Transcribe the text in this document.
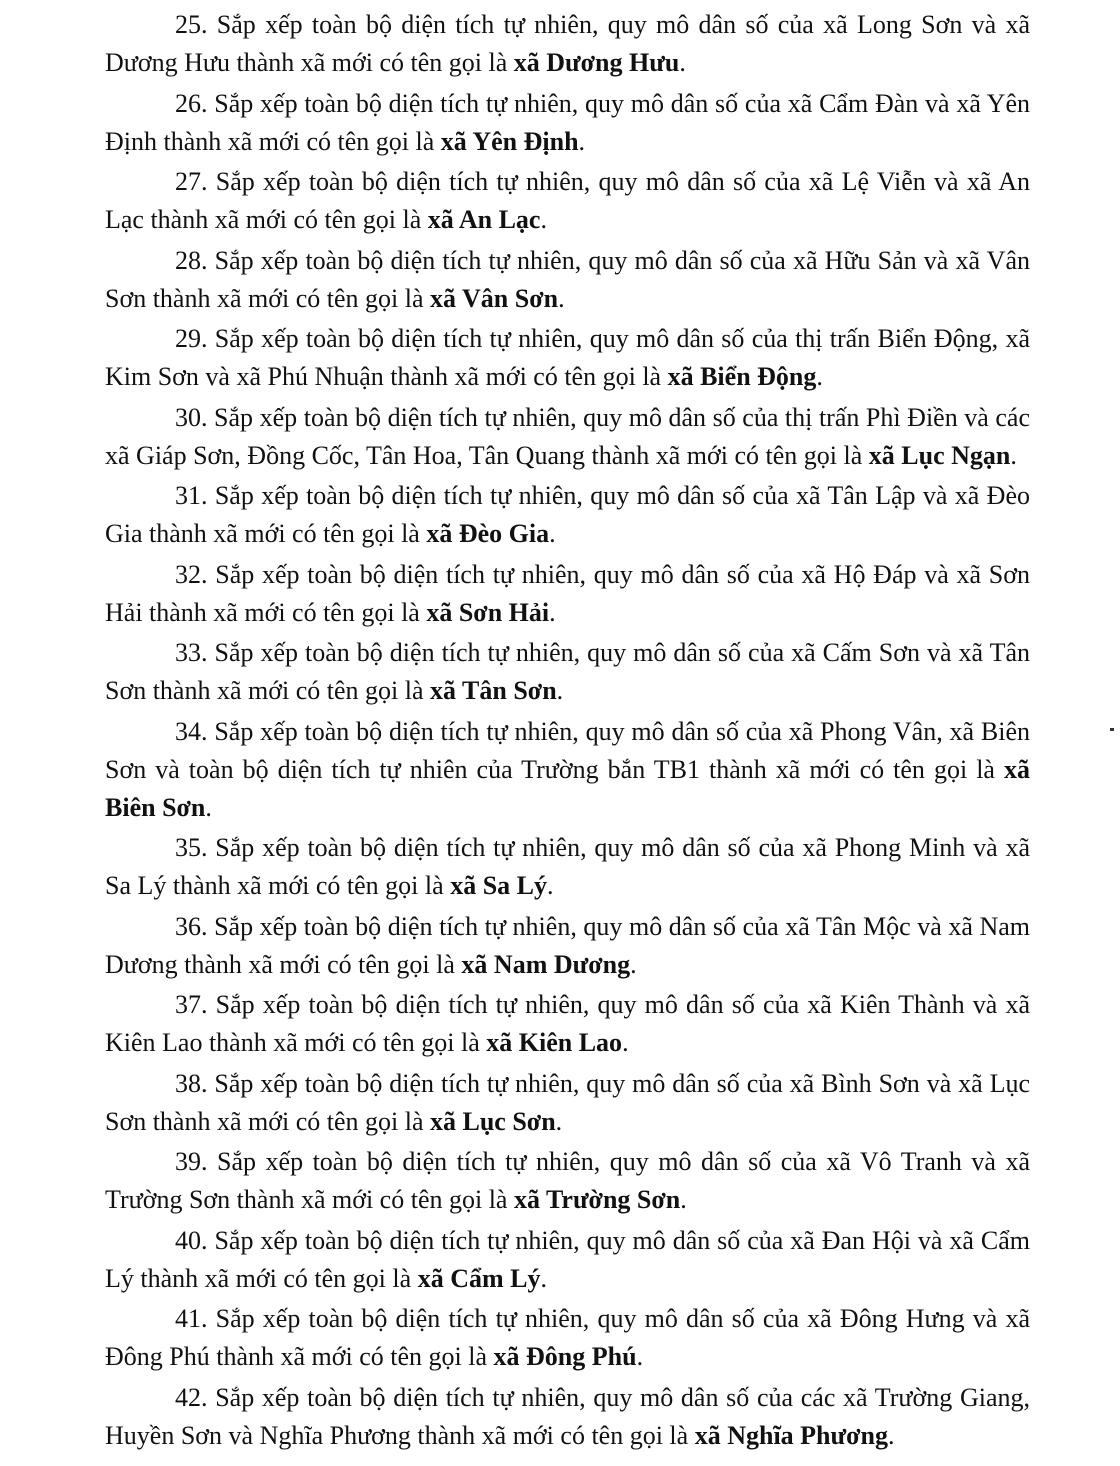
25. Sắp xếp toàn bộ diện tích tự nhiên, quy mô dân số của xã Long Sơn và xã Dương Hưu thành xã mới có tên gọi là xã Dương Hưu.

26. Sắp xếp toàn bộ diện tích tự nhiên, quy mô dân số của xã Cẩm Đàn và xã Yên Định thành xã mới có tên gọi là xã Yên Định.

27. Sắp xếp toàn bộ diện tích tự nhiên, quy mô dân số của xã Lệ Viễn và xã An Lạc thành xã mới có tên gọi là xã An Lạc.

28. Sắp xếp toàn bộ diện tích tự nhiên, quy mô dân số của xã Hữu Sản và xã Vân Sơn thành xã mới có tên gọi là xã Vân Sơn.

29. Sắp xếp toàn bộ diện tích tự nhiên, quy mô dân số của thị trấn Biển Động, xã Kim Sơn và xã Phú Nhuận thành xã mới có tên gọi là xã Biển Động.

30. Sắp xếp toàn bộ diện tích tự nhiên, quy mô dân số của thị trấn Phì Điền và các xã Giáp Sơn, Đồng Cốc, Tân Hoa, Tân Quang thành xã mới có tên gọi là xã Lục Ngạn.

31. Sắp xếp toàn bộ diện tích tự nhiên, quy mô dân số của xã Tân Lập và xã Đèo Gia thành xã mới có tên gọi là xã Đèo Gia.

32. Sắp xếp toàn bộ diện tích tự nhiên, quy mô dân số của xã Hộ Đáp và xã Sơn Hải thành xã mới có tên gọi là xã Sơn Hải.

33. Sắp xếp toàn bộ diện tích tự nhiên, quy mô dân số của xã Cấm Sơn và xã Tân Sơn thành xã mới có tên gọi là xã Tân Sơn.

34. Sắp xếp toàn bộ diện tích tự nhiên, quy mô dân số của xã Phong Vân, xã Biên Sơn và toàn bộ diện tích tự nhiên của Trường bắn TB1 thành xã mới có tên gọi là xã Biên Sơn.

35. Sắp xếp toàn bộ diện tích tự nhiên, quy mô dân số của xã Phong Minh và xã Sa Lý thành xã mới có tên gọi là xã Sa Lý.

36. Sắp xếp toàn bộ diện tích tự nhiên, quy mô dân số của xã Tân Mộc và xã Nam Dương thành xã mới có tên gọi là xã Nam Dương.

37. Sắp xếp toàn bộ diện tích tự nhiên, quy mô dân số của xã Kiên Thành và xã Kiên Lao thành xã mới có tên gọi là xã Kiên Lao.

38. Sắp xếp toàn bộ diện tích tự nhiên, quy mô dân số của xã Bình Sơn và xã Lục Sơn thành xã mới có tên gọi là xã Lục Sơn.

39. Sắp xếp toàn bộ diện tích tự nhiên, quy mô dân số của xã Vô Tranh và xã Trường Sơn thành xã mới có tên gọi là xã Trường Sơn.

40. Sắp xếp toàn bộ diện tích tự nhiên, quy mô dân số của xã Đan Hội và xã Cẩm Lý thành xã mới có tên gọi là xã Cẩm Lý.

41. Sắp xếp toàn bộ diện tích tự nhiên, quy mô dân số của xã Đông Hưng và xã Đông Phú thành xã mới có tên gọi là xã Đông Phú.

42. Sắp xếp toàn bộ diện tích tự nhiên, quy mô dân số của các xã Trường Giang, Huyền Sơn và Nghĩa Phương thành xã mới có tên gọi là xã Nghĩa Phương.
